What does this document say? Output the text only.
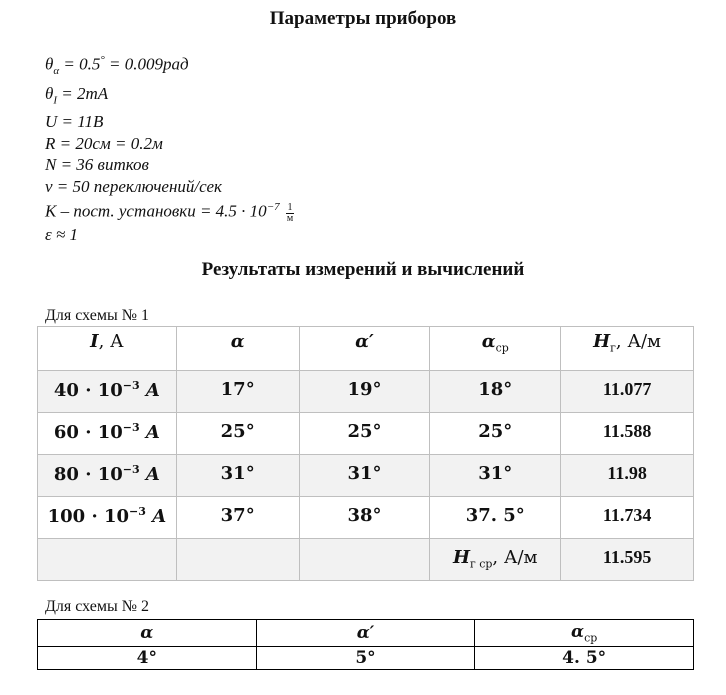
Параметры приборов
$\theta_\alpha = 0.5^\circ = 0.009рад$
$\theta_I = 2mA$
U = 11B
R = 20см = 0.2м
N = 36 витков
ν = 50 переключений/сек
K – пост. установки = $4.5 \cdot 10^{-7} \frac{1}{м}$
ε ≈ 1
Результаты измерений и вычислений
Для схемы № 1
I, А	α	α′	$\alpha_{ср}$	$H_г$, А/м
$40 \cdot 10^{-3}$ A	17°	19°	18°	11.077
$60 \cdot 10^{-3}$ A	25°	25°	25°	11.588
$80 \cdot 10^{-3}$ A	31°	31°	31°	11.98
$100 \cdot 10^{-3}$ A	37°	38°	37. 5°	11.734
			$H_{г ср}$, А/м	11.595
Для схемы № 2
α	α′	$\alpha_{ср}$
4°	5°	4. 5°
